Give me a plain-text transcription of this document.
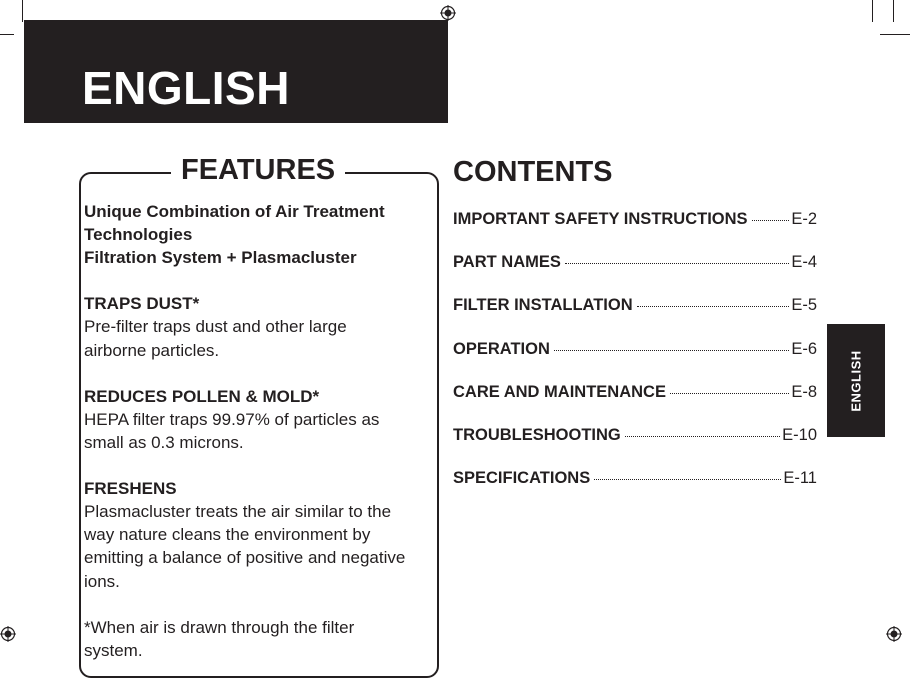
ENGLISH
FEATURES

Unique Combination of Air Treatment
Technologies
Filtration System + Plasmacluster

TRAPS DUST*
Pre-filter traps dust and other large
airborne particles.

REDUCES POLLEN & MOLD*
HEPA filter traps 99.97% of particles as
small as 0.3 microns.

FRESHENS
Plasmacluster treats the air similar to the
way nature cleans the environment by
emitting a balance of positive and negative
ions.

*When air is drawn through the filter
system.

CONTENTS
IMPORTANT SAFETY INSTRUCTIONS	E-2
PART NAMES	E-4
FILTER INSTALLATION	E-5
OPERATION	E-6
CARE AND MAINTENANCE	E-8
TROUBLESHOOTING	E-10
SPECIFICATIONS	E-11
ENGLISH
